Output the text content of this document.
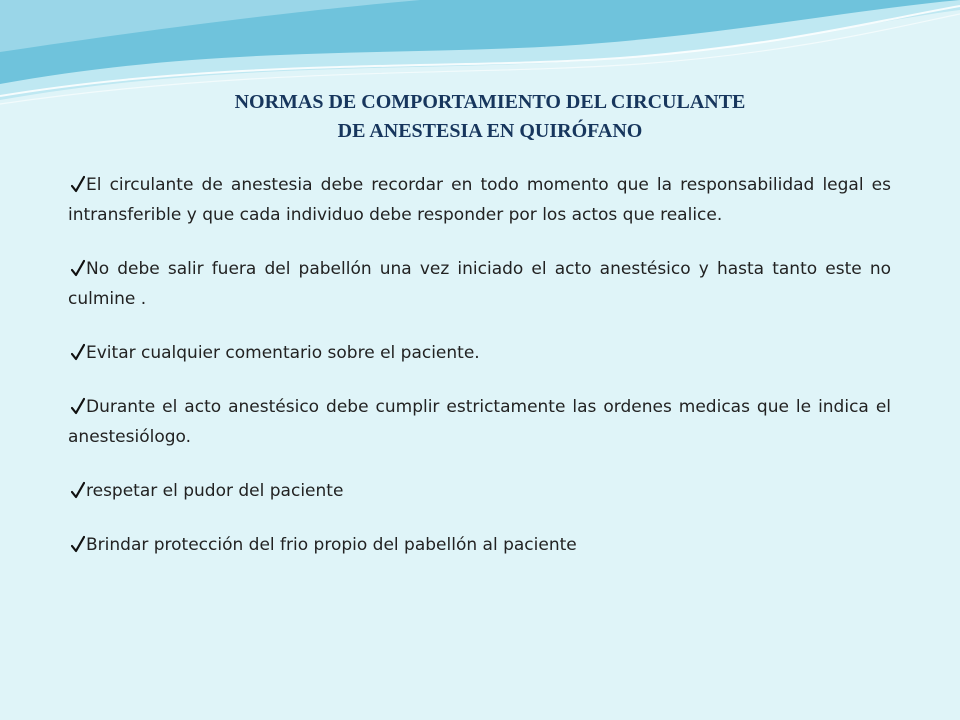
NORMAS DE COMPORTAMIENTO DEL CIRCULANTE
DE ANESTESIA EN QUIRÓFANO
El circulante de anestesia debe recordar en todo momento que la responsabilidad legal es intransferible y que cada individuo debe responder por los actos que realice.
No debe salir fuera del pabellón una vez iniciado el acto anestésico y hasta tanto este no culmine .
Evitar cualquier comentario sobre el paciente.
Durante el acto anestésico debe cumplir estrictamente las ordenes medicas que le indica el anestesiólogo.
respetar el pudor del paciente
Brindar protección del frio propio del pabellón al paciente
